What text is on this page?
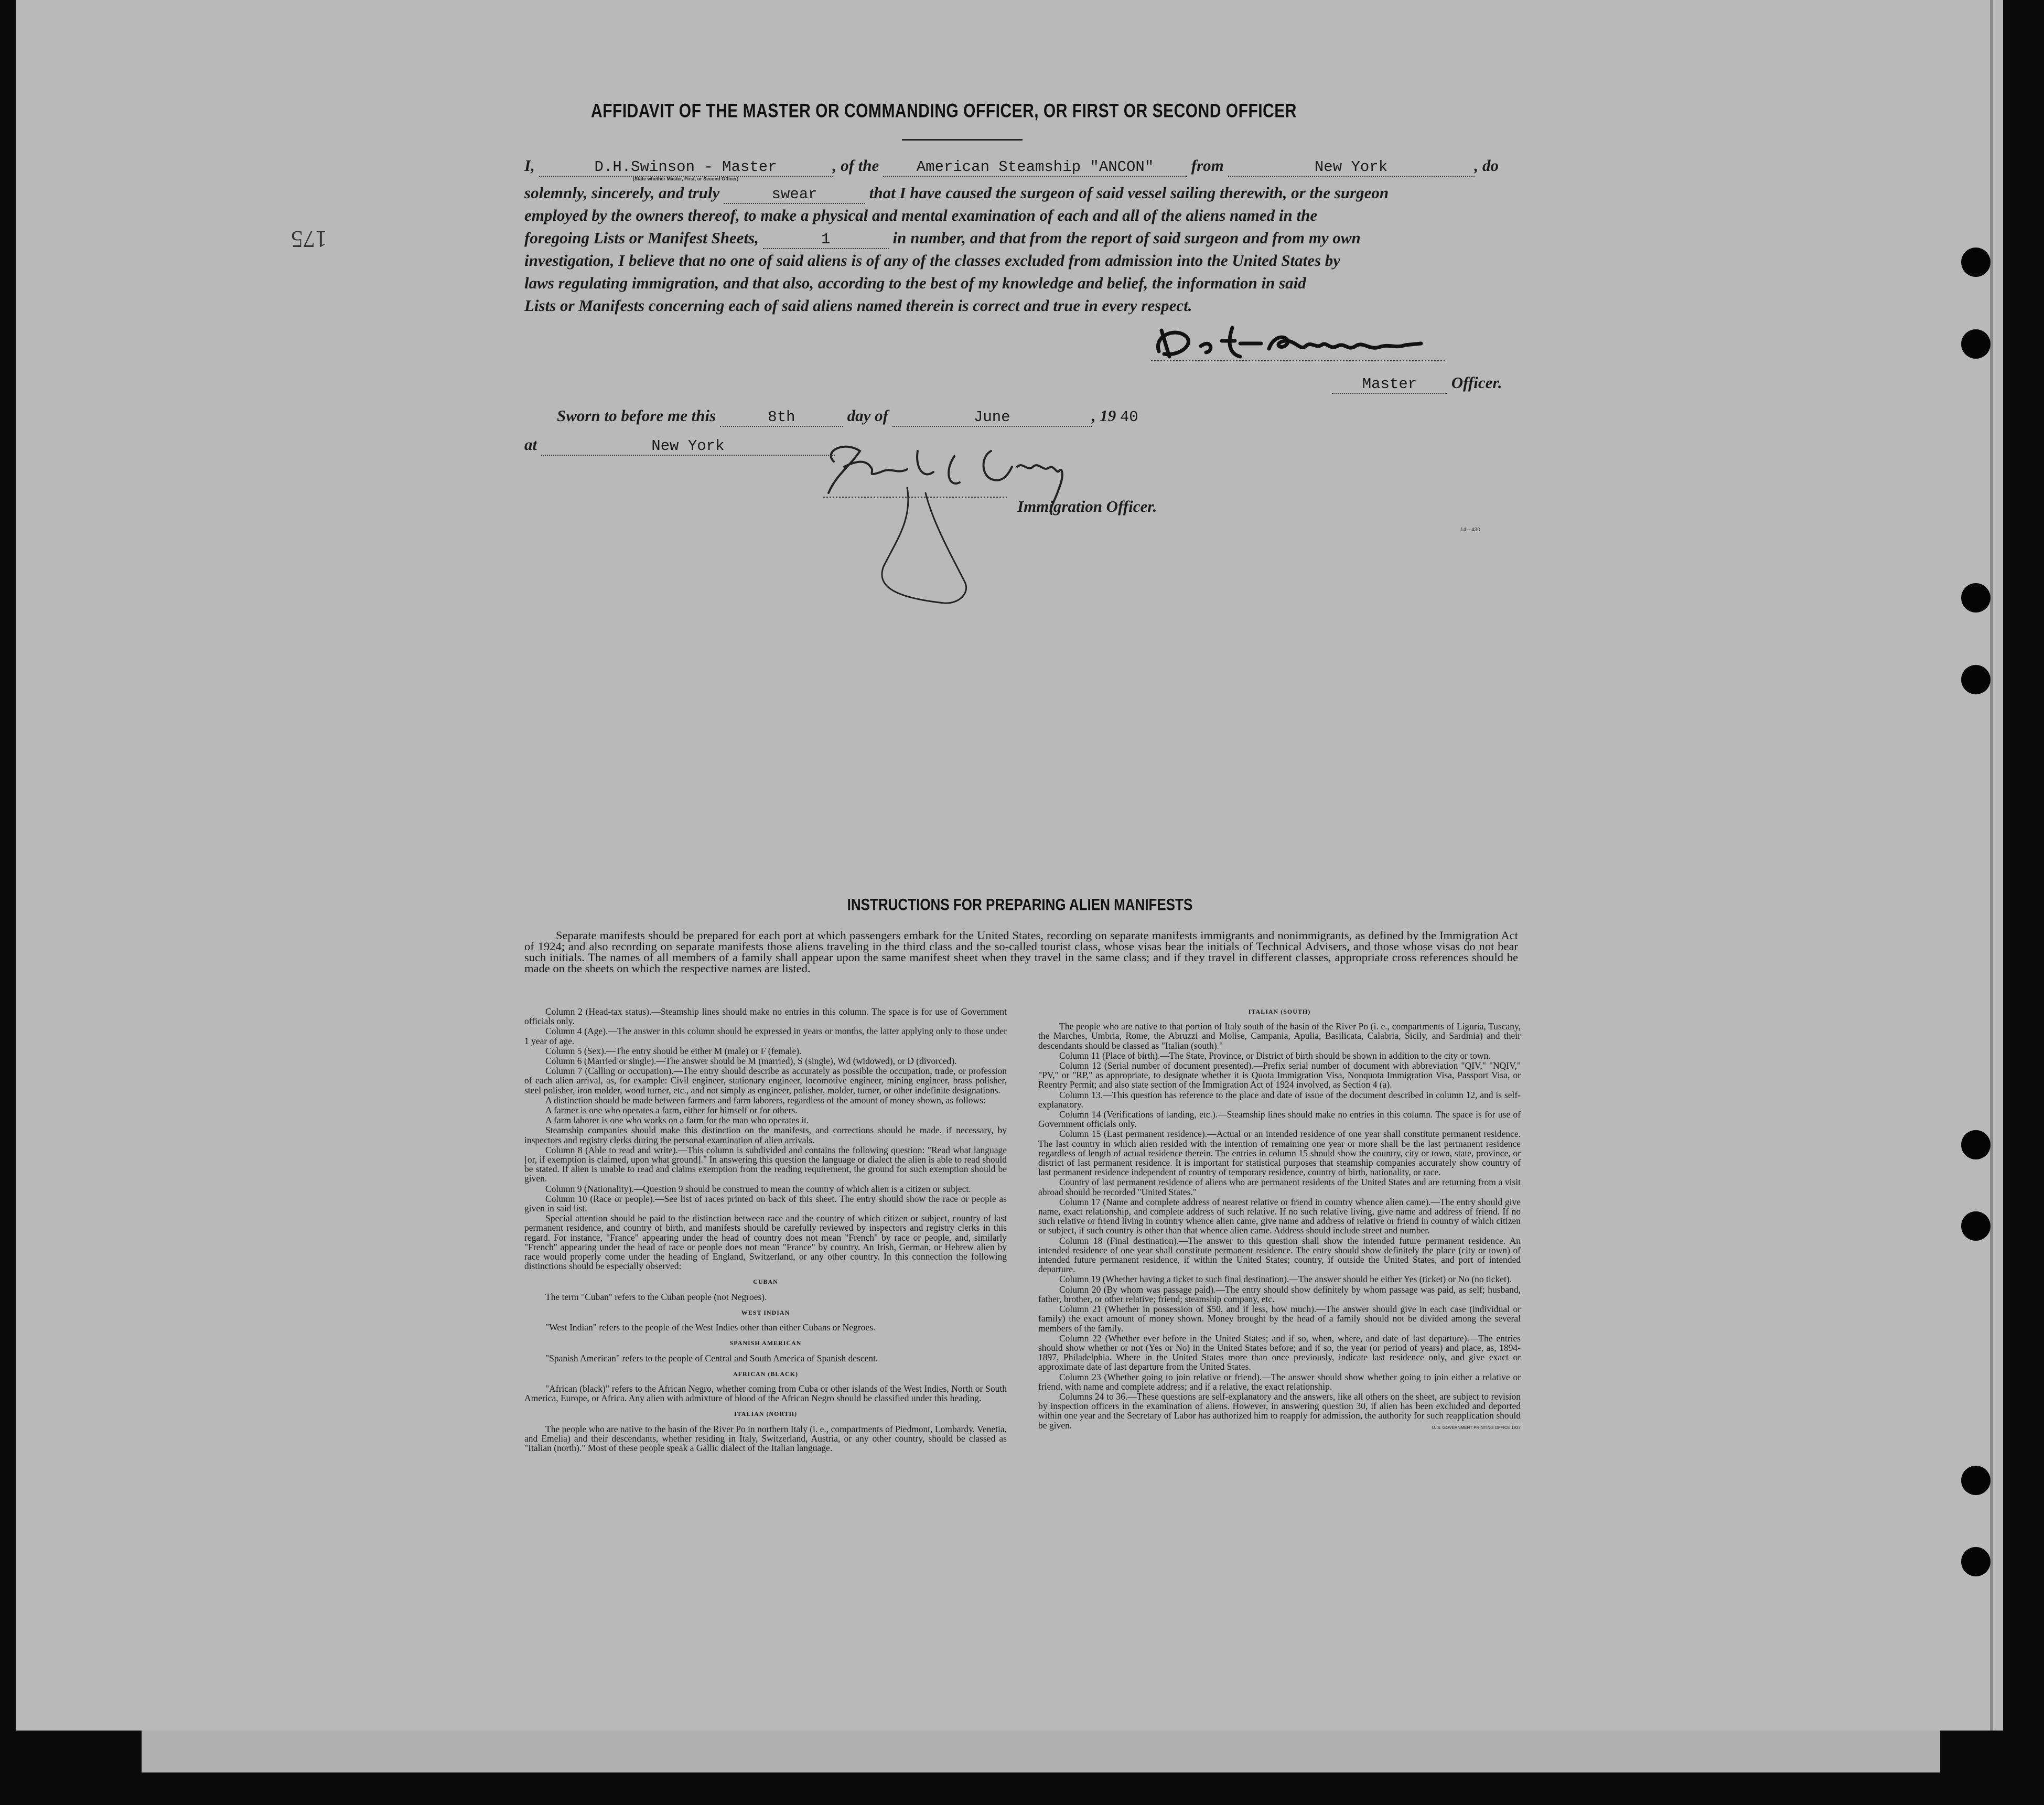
175
AFFIDAVIT OF THE MASTER OR COMMANDING OFFICER, OR FIRST OR SECOND OFFICER
I,	D.H.Swinson - Master
(State whether Master, First, or Second Officer)
, of the American Steamship "ANCON" from	New York	, do
solemnly, sincerely, and truly	swear	that I have caused the surgeon of said vessel sailing therewith, or the surgeon
employed by the owners thereof, to make a physical and mental examination of each and all of the aliens named in the
foregoing Lists or Manifest Sheets,	1	in number, and that from the report of said surgeon and from my own
investigation, I believe that no one of said aliens is of any of the classes excluded from admission into the United States by
laws regulating immigration, and that also, according to the best of my knowledge and belief, the information in said
Lists or Manifests concerning each of said aliens named therein is correct and true in every respect.
Master Officer.
Sworn to before me this	8th	day of	June	, 19 40
at	New York
Immigration Officer.
14—430
INSTRUCTIONS FOR PREPARING ALIEN MANIFESTS
Separate manifests should be prepared for each port at which passengers embark for the United States, recording on separate manifests immigrants and nonimmigrants, as defined by the Immigration Act of 1924; and also recording on separate manifests those aliens traveling in the third class and the so-called tourist class, whose visas bear the initials of Technical Advisers, and those whose visas do not bear such initials. The names of all members of a family shall appear upon the same manifest sheet when they travel in the same class; and if they travel in different classes, appropriate cross references should be made on the sheets on which the respective names are listed.

Column 2 (Head-tax status).—Steamship lines should make no entries in this column. The space is for use of Government officials only.

Column 4 (Age).—The answer in this column should be expressed in years or months, the latter applying only to those under 1 year of age.

Column 5 (Sex).—The entry should be either M (male) or F (female).

Column 6 (Married or single).—The answer should be M (married), S (single), Wd (widowed), or D (divorced).

Column 7 (Calling or occupation).—The entry should describe as accurately as possible the occupation, trade, or profession of each alien arrival, as, for example: Civil engineer, stationary engineer, locomotive engineer, mining engineer, brass polisher, steel polisher, iron molder, wood turner, etc., and not simply as engineer, polisher, molder, turner, or other indefinite designations.

A distinction should be made between farmers and farm laborers, regardless of the amount of money shown, as follows:

A farmer is one who operates a farm, either for himself or for others.

A farm laborer is one who works on a farm for the man who operates it.

Steamship companies should make this distinction on the manifests, and corrections should be made, if necessary, by inspectors and registry clerks during the personal examination of alien arrivals.

Column 8 (Able to read and write).—This column is subdivided and contains the following question: "Read what language [or, if exemption is claimed, upon what ground]." In answering this question the language or dialect the alien is able to read should be stated. If alien is unable to read and claims exemption from the reading requirement, the ground for such exemption should be given.

Column 9 (Nationality).—Question 9 should be construed to mean the country of which alien is a citizen or subject.

Column 10 (Race or people).—See list of races printed on back of this sheet. The entry should show the race or people as given in said list.

Special attention should be paid to the distinction between race and the country of which citizen or subject, country of last permanent residence, and country of birth, and manifests should be carefully reviewed by inspectors and registry clerks in this regard. For instance, "France" appearing under the head of country does not mean "French" by race or people, and, similarly "French" appearing under the head of race or people does not mean "France" by country. An Irish, German, or Hebrew alien by race would properly come under the heading of England, Switzerland, or any other country. In this connection the following distinctions should be especially observed:

CUBAN

The term "Cuban" refers to the Cuban people (not Negroes).

WEST INDIAN

"West Indian" refers to the people of the West Indies other than either Cubans or Negroes.

SPANISH AMERICAN

"Spanish American" refers to the people of Central and South America of Spanish descent.

AFRICAN (BLACK)

"African (black)" refers to the African Negro, whether coming from Cuba or other islands of the West Indies, North or South America, Europe, or Africa. Any alien with admixture of blood of the African Negro should be classified under this heading.

ITALIAN (NORTH)

The people who are native to the basin of the River Po in northern Italy (i. e., compartments of Piedmont, Lombardy, Venetia, and Emelia) and their descendants, whether residing in Italy, Switzerland, Austria, or any other country, should be classed as "Italian (north)." Most of these people speak a Gallic dialect of the Italian language.

ITALIAN (SOUTH)

The people who are native to that portion of Italy south of the basin of the River Po (i. e., compartments of Liguria, Tuscany, the Marches, Umbria, Rome, the Abruzzi and Molise, Campania, Apulia, Basilicata, Calabria, Sicily, and Sardinia) and their descendants should be classed as "Italian (south)."

Column 11 (Place of birth).—The State, Province, or District of birth should be shown in addition to the city or town.

Column 12 (Serial number of document presented).—Prefix serial number of document with abbreviation "QIV," "NQIV," "PV," or "RP," as appropriate, to designate whether it is Quota Immigration Visa, Nonquota Immigration Visa, Passport Visa, or Reentry Permit; and also state section of the Immigration Act of 1924 involved, as Section 4 (a).

Column 13.—This question has reference to the place and date of issue of the document described in column 12, and is self-explanatory.

Column 14 (Verifications of landing, etc.).—Steamship lines should make no entries in this column. The space is for use of Government officials only.

Column 15 (Last permanent residence).—Actual or an intended residence of one year shall constitute permanent residence. The last country in which alien resided with the intention of remaining one year or more shall be the last permanent residence regardless of length of actual residence therein. The entries in column 15 should show the country, city or town, state, province, or district of last permanent residence. It is important for statistical purposes that steamship companies accurately show country of last permanent residence independent of country of temporary residence, country of birth, nationality, or race.

Country of last permanent residence of aliens who are permanent residents of the United States and are returning from a visit abroad should be recorded "United States."

Column 17 (Name and complete address of nearest relative or friend in country whence alien came).—The entry should give name, exact relationship, and complete address of such relative. If no such relative living, give name and address of friend. If no such relative or friend living in country whence alien came, give name and address of relative or friend in country of which citizen or subject, if such country is other than that whence alien came. Address should include street and number.

Column 18 (Final destination).—The answer to this question shall show the intended future permanent residence. An intended residence of one year shall constitute permanent residence. The entry should show definitely the place (city or town) of intended future permanent residence, if within the United States; country, if outside the United States, and port of intended departure.

Column 19 (Whether having a ticket to such final destination).—The answer should be either Yes (ticket) or No (no ticket).

Column 20 (By whom was passage paid).—The entry should show definitely by whom passage was paid, as self; husband, father, brother, or other relative; friend; steamship company, etc.

Column 21 (Whether in possession of $50, and if less, how much).—The answer should give in each case (individual or family) the exact amount of money shown. Money brought by the head of a family should not be divided among the several members of the family.

Column 22 (Whether ever before in the United States; and if so, when, where, and date of last departure).—The entries should show whether or not (Yes or No) in the United States before; and if so, the year (or period of years) and place, as, 1894-1897, Philadelphia. Where in the United States more than once previously, indicate last residence only, and give exact or approximate date of last departure from the United States.

Column 23 (Whether going to join relative or friend).—The answer should show whether going to join either a relative or friend, with name and complete address; and if a relative, the exact relationship.

Columns 24 to 36.—These questions are self-explanatory and the answers, like all others on the sheet, are subject to revision by inspection officers in the examination of aliens. However, in answering question 30, if alien has been excluded and deported within one year and the Secretary of Labor has authorized him to reapply for admission, the authority for such reapplication should be given.	U. S. GOVERNMENT PRINTING OFFICE 1937
